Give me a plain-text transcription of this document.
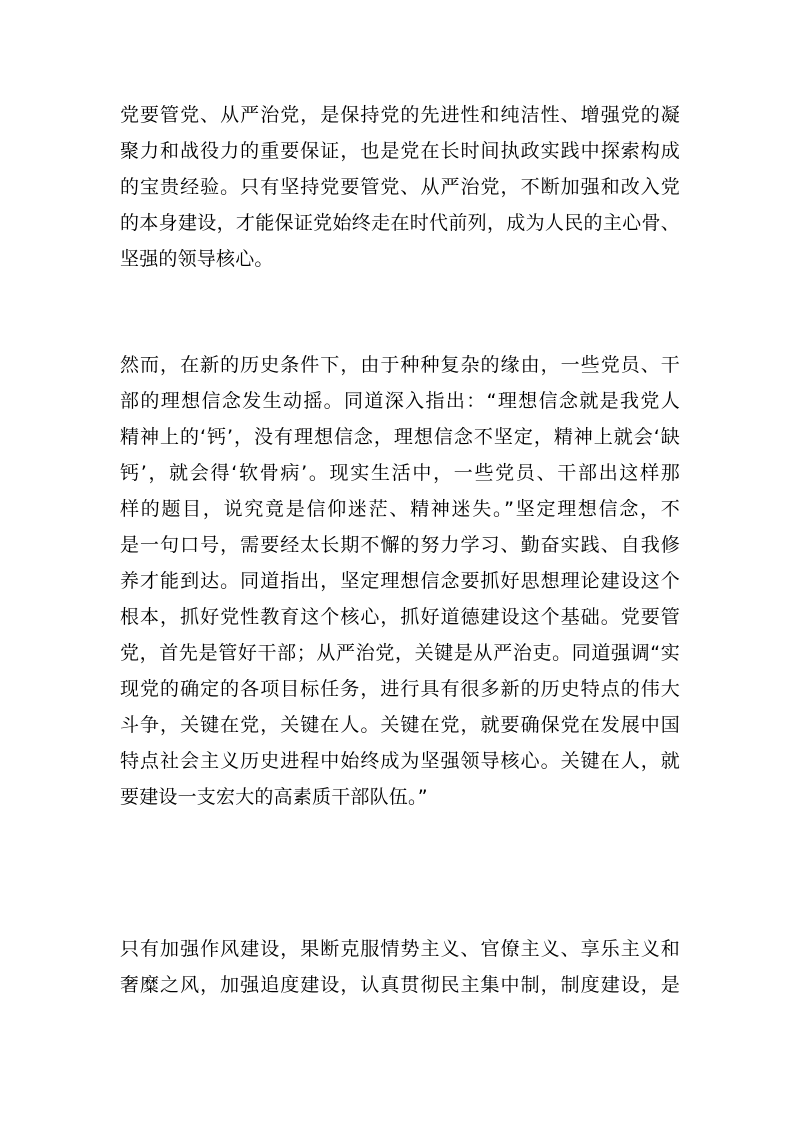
党要管党、从严治党，是保持党的先进性和纯洁性、增强党的凝
聚力和战役力的重要保证，也是党在长时间执政实践中探索构成
的宝贵经验。只有坚持党要管党、从严治党，不断加强和改入党
的本身建设，才能保证党始终走在时代前列，成为人民的主心骨、
坚强的领导核心。
然而，在新的历史条件下，由于种种复杂的缘由，一些党员、干
部的理想信念发生动摇。同道深入指出：“理想信念就是我党人
精神上的‘钙’，没有理想信念，理想信念不坚定，精神上就会‘缺
钙’，就会得‘软骨病’。现实生活中，一些党员、干部出这样那
样的题目，说究竟是信仰迷茫、精神迷失。”坚定理想信念，不
是一句口号，需要经太长期不懈的努力学习、勤奋实践、自我修
养才能到达。同道指出，坚定理想信念要抓好思想理论建设这个
根本，抓好党性教育这个核心，抓好道德建设这个基础。党要管
党，首先是管好干部；从严治党，关键是从严治吏。同道强调“实
现党的确定的各项目标任务，进行具有很多新的历史特点的伟大
斗争，关键在党，关键在人。关键在党，就要确保党在发展中国
特点社会主义历史进程中始终成为坚强领导核心。关键在人，就
要建设一支宏大的高素质干部队伍。”
只有加强作风建设，果断克服情势主义、官僚主义、享乐主义和
奢糜之风，加强追度建设，认真贯彻民主集中制，制度建设，是
